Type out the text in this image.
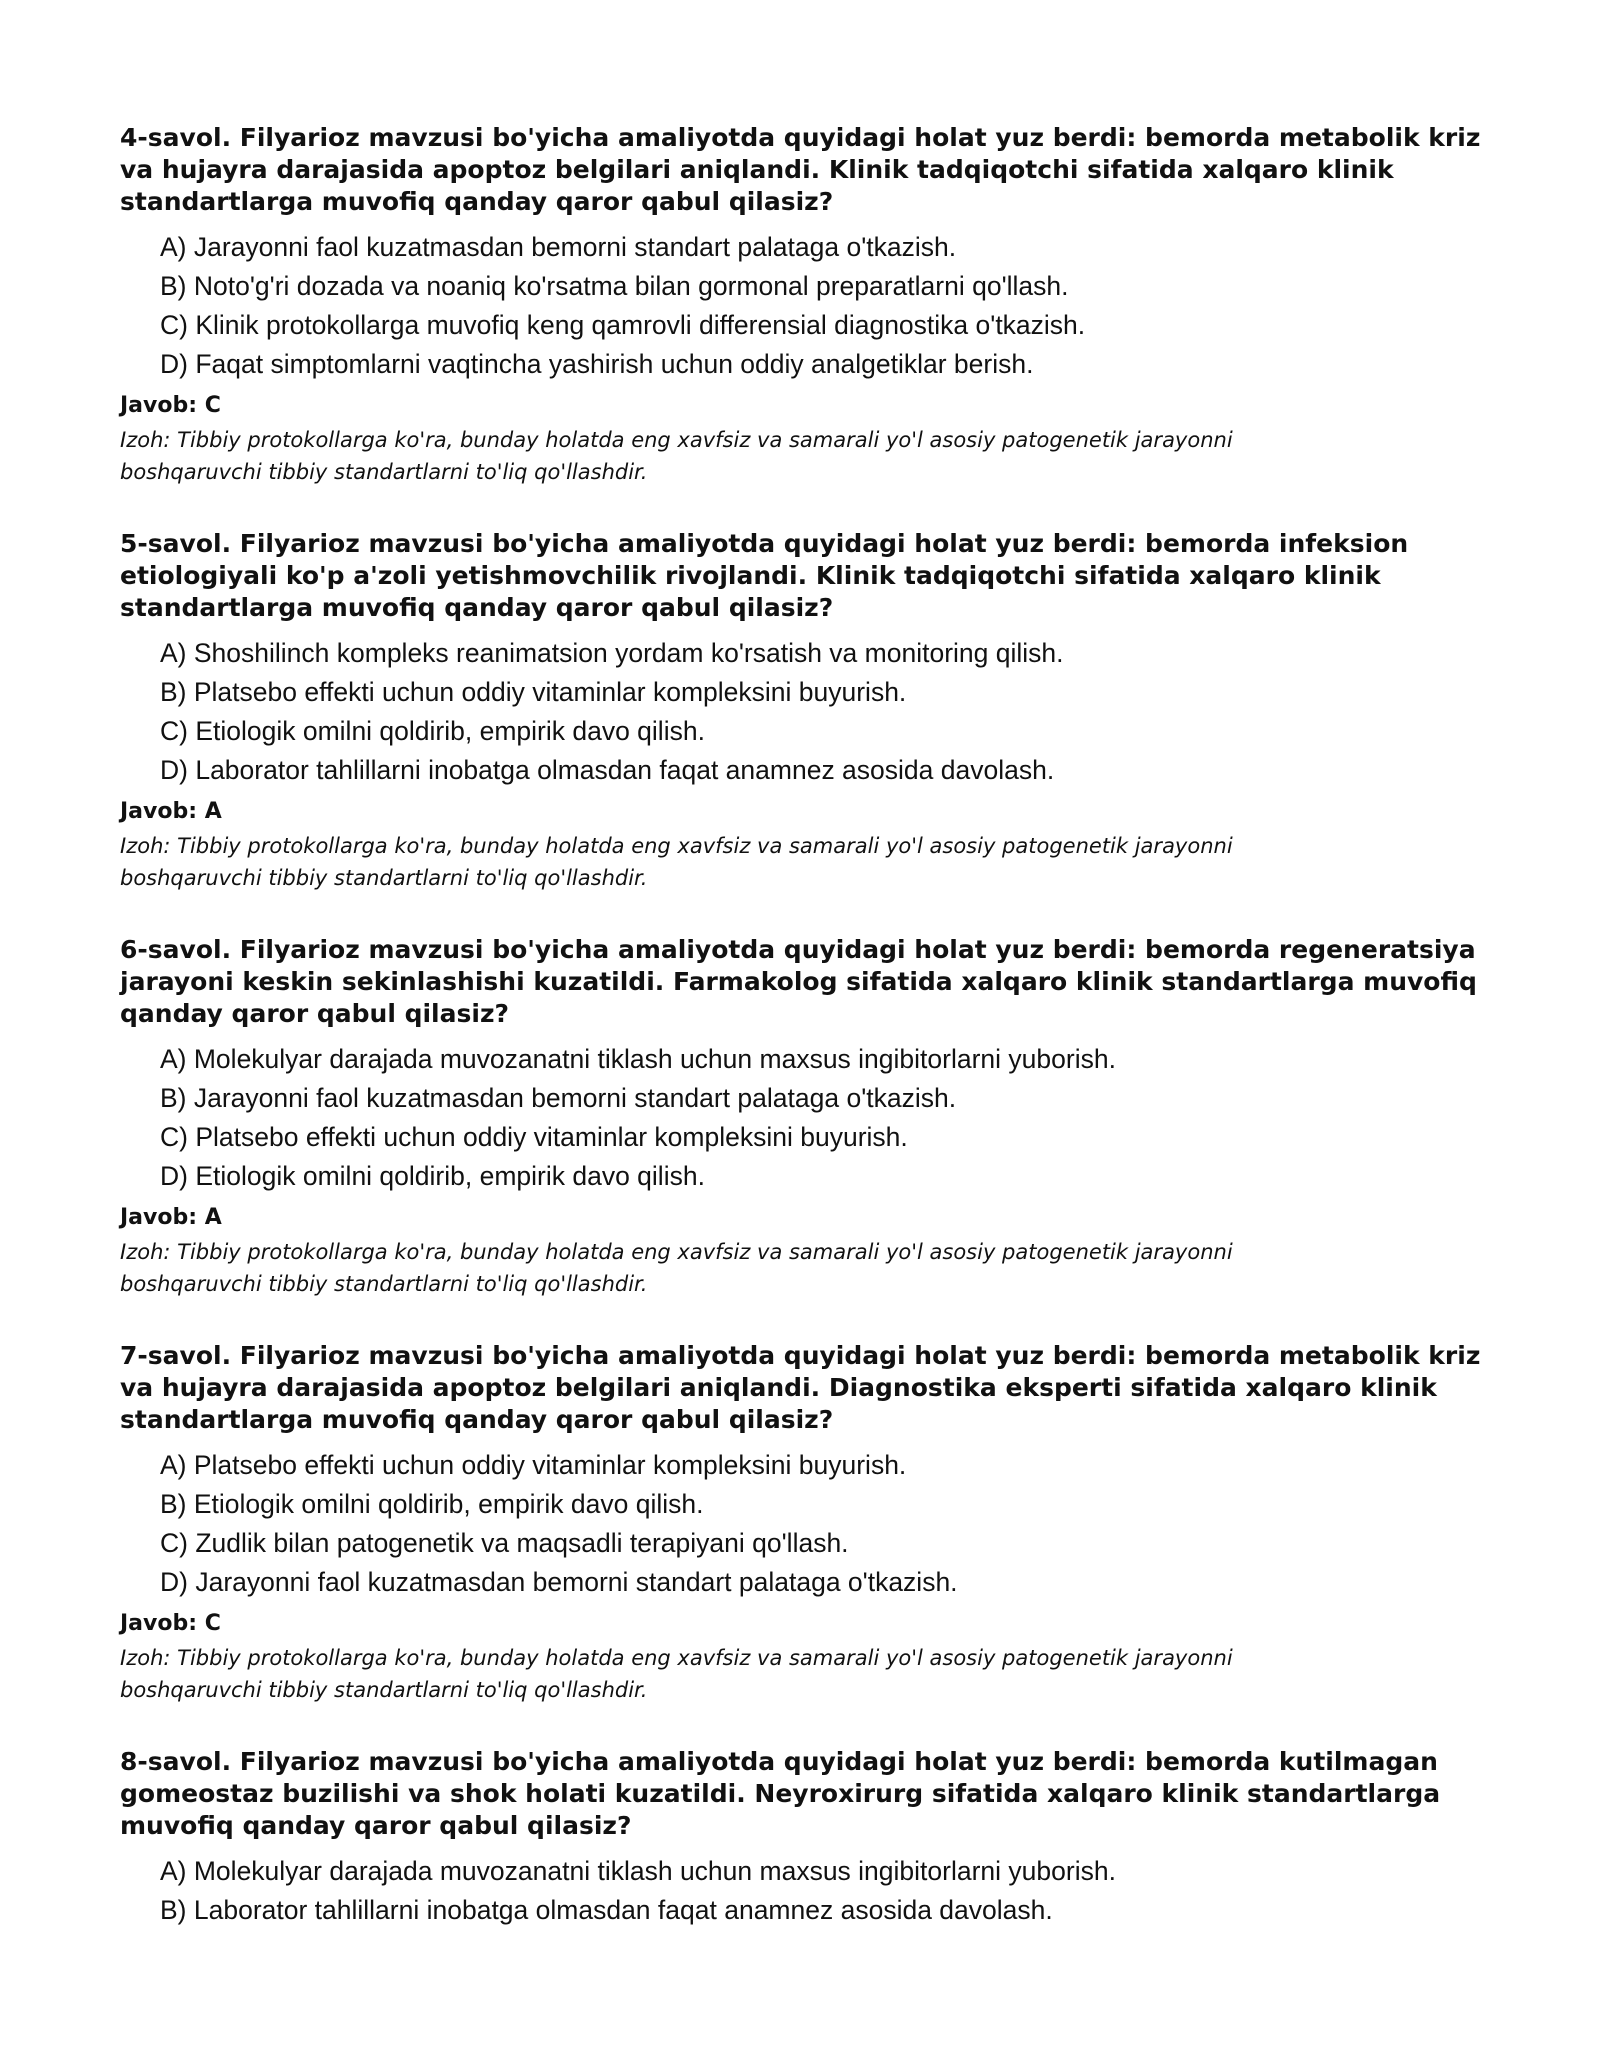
4-savol. Filyarioz mavzusi bo'yicha amaliyotda quyidagi holat yuz berdi: bemorda metabolik kriz va hujayra darajasida apoptoz belgilari aniqlandi. Klinik tadqiqotchi sifatida xalqaro klinik standartlarga muvofiq qanday qaror qabul qilasiz?

A) Jarayonni faol kuzatmasdan bemorni standart palataga o'tkazish.
B) Noto'g'ri dozada va noaniq ko'rsatma bilan gormonal preparatlarni qo'llash.
C) Klinik protokollarga muvofiq keng qamrovli differensial diagnostika o'tkazish.
D) Faqat simptomlarni vaqtincha yashirish uchun oddiy analgetiklar berish.
Javob: C
Izoh: Tibbiy protokollarga ko'ra, bunday holatda eng xavfsiz va samarali yo'l asosiy patogenetik jarayonni boshqaruvchi tibbiy standartlarni to'liq qo'llashdir.

5-savol. Filyarioz mavzusi bo'yicha amaliyotda quyidagi holat yuz berdi: bemorda infeksion etiologiyali ko'p a'zoli yetishmovchilik rivojlandi. Klinik tadqiqotchi sifatida xalqaro klinik standartlarga muvofiq qanday qaror qabul qilasiz?

A) Shoshilinch kompleks reanimatsion yordam ko'rsatish va monitoring qilish.
B) Platsebo effekti uchun oddiy vitaminlar kompleksini buyurish.
C) Etiologik omilni qoldirib, empirik davo qilish.
D) Laborator tahlillarni inobatga olmasdan faqat anamnez asosida davolash.
Javob: A
Izoh: Tibbiy protokollarga ko'ra, bunday holatda eng xavfsiz va samarali yo'l asosiy patogenetik jarayonni boshqaruvchi tibbiy standartlarni to'liq qo'llashdir.

6-savol. Filyarioz mavzusi bo'yicha amaliyotda quyidagi holat yuz berdi: bemorda regeneratsiya jarayoni keskin sekinlashishi kuzatildi. Farmakolog sifatida xalqaro klinik standartlarga muvofiq qanday qaror qabul qilasiz?

A) Molekulyar darajada muvozanatni tiklash uchun maxsus ingibitorlarni yuborish.
B) Jarayonni faol kuzatmasdan bemorni standart palataga o'tkazish.
C) Platsebo effekti uchun oddiy vitaminlar kompleksini buyurish.
D) Etiologik omilni qoldirib, empirik davo qilish.
Javob: A
Izoh: Tibbiy protokollarga ko'ra, bunday holatda eng xavfsiz va samarali yo'l asosiy patogenetik jarayonni boshqaruvchi tibbiy standartlarni to'liq qo'llashdir.

7-savol. Filyarioz mavzusi bo'yicha amaliyotda quyidagi holat yuz berdi: bemorda metabolik kriz va hujayra darajasida apoptoz belgilari aniqlandi. Diagnostika eksperti sifatida xalqaro klinik standartlarga muvofiq qanday qaror qabul qilasiz?

A) Platsebo effekti uchun oddiy vitaminlar kompleksini buyurish.
B) Etiologik omilni qoldirib, empirik davo qilish.
C) Zudlik bilan patogenetik va maqsadli terapiyani qo'llash.
D) Jarayonni faol kuzatmasdan bemorni standart palataga o'tkazish.
Javob: C
Izoh: Tibbiy protokollarga ko'ra, bunday holatda eng xavfsiz va samarali yo'l asosiy patogenetik jarayonni boshqaruvchi tibbiy standartlarni to'liq qo'llashdir.

8-savol. Filyarioz mavzusi bo'yicha amaliyotda quyidagi holat yuz berdi: bemorda kutilmagan gomeostaz buzilishi va shok holati kuzatildi. Neyroxirurg sifatida xalqaro klinik standartlarga muvofiq qanday qaror qabul qilasiz?

A) Molekulyar darajada muvozanatni tiklash uchun maxsus ingibitorlarni yuborish.
B) Laborator tahlillarni inobatga olmasdan faqat anamnez asosida davolash.
